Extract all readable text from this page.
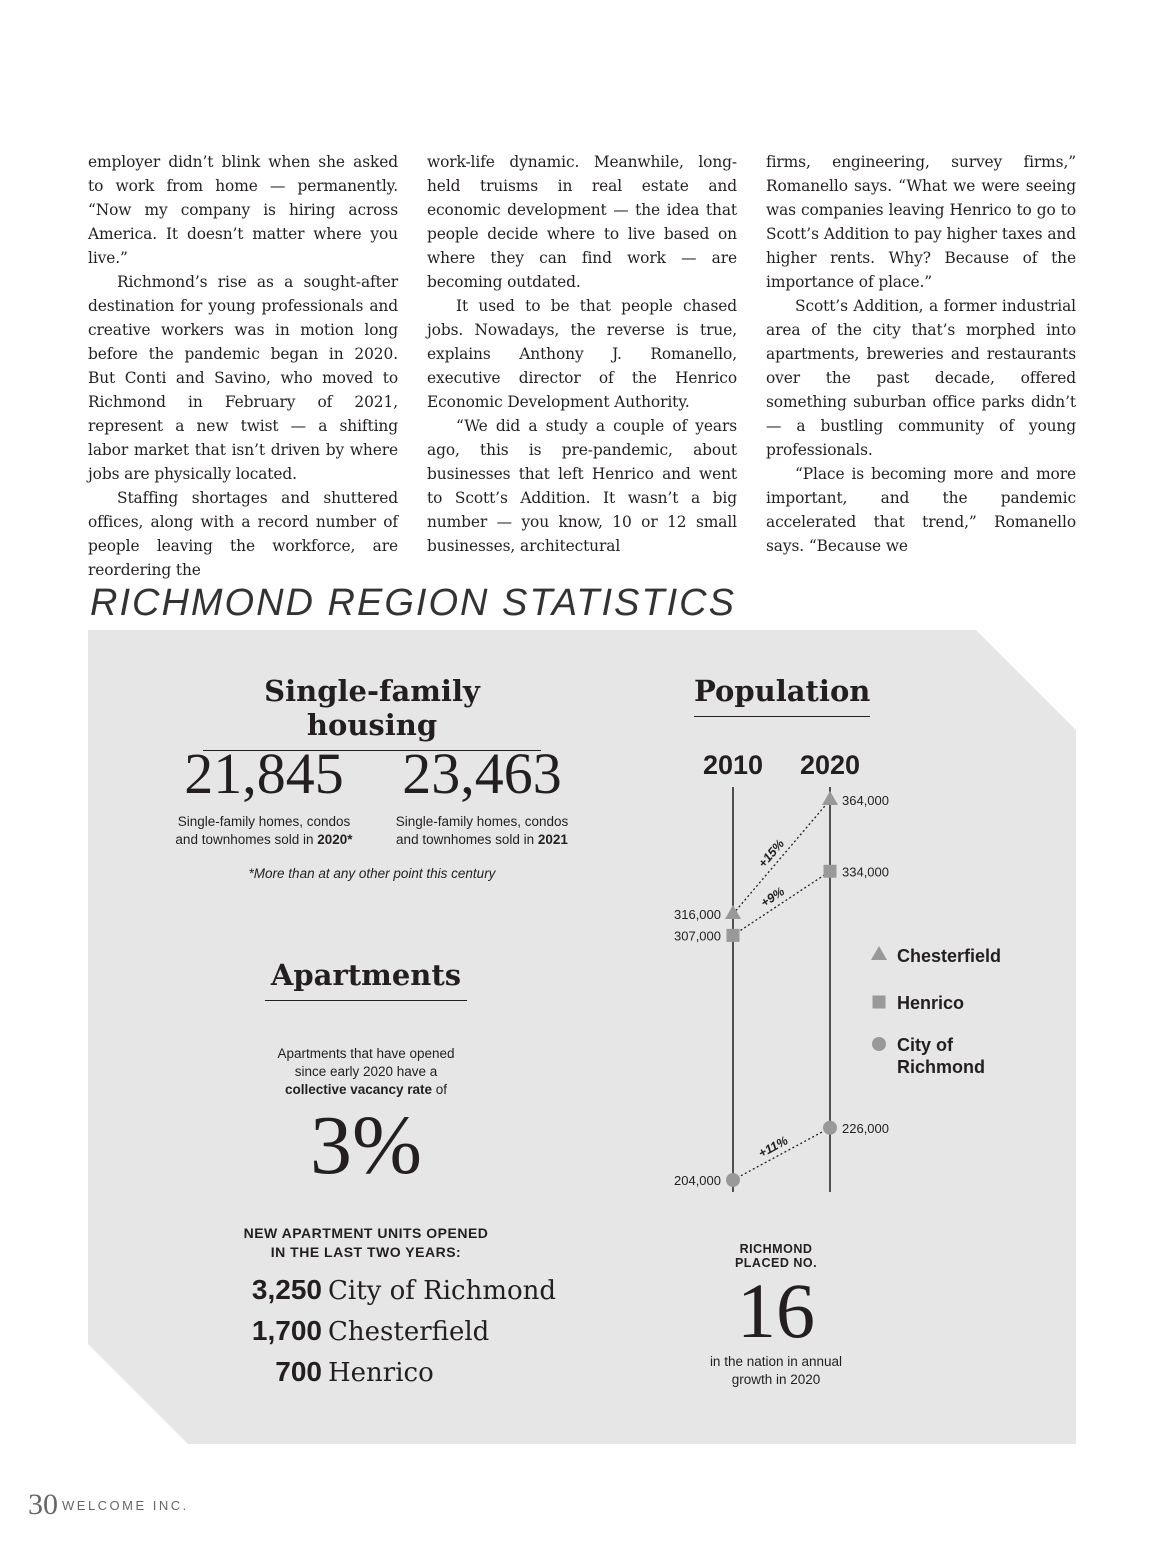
employer didn’t blink when she asked to work from home — permanently. “Now my company is hiring across America. It doesn’t matter where you live.”

Richmond’s rise as a sought-after destination for young professionals and creative workers was in motion long before the pandemic began in 2020. But Conti and Savino, who moved to Richmond in February of 2021, represent a new twist — a shifting labor market that isn’t driven by where jobs are physically located.

Staffing shortages and shuttered offices, along with a record number of people leaving the workforce, are reordering the

work-life dynamic. Meanwhile, long-held truisms in real estate and economic development — the idea that people decide where to live based on where they can find work — are becoming outdated.

It used to be that people chased jobs. Nowadays, the reverse is true, explains Anthony J. Romanello, executive director of the Henrico Economic Development Authority.

“We did a study a couple of years ago, this is pre-pandemic, about businesses that left Henrico and went to Scott’s Addition. It wasn’t a big number — you know, 10 or 12 small businesses, architectural

firms, engineering, survey firms,” Romanello says. “What we were seeing was companies leaving Henrico to go to Scott’s Addition to pay higher taxes and higher rents. Why? Because of the importance of place.”

Scott’s Addition, a former industrial area of the city that’s morphed into apartments, breweries and restaurants over the past decade, offered something suburban office parks didn’t — a bustling community of young professionals.

“Place is becoming more and more important, and the pandemic accelerated that trend,” Romanello says. “Because we

RICHMOND REGION STATISTICS
Single-family housing
21,845
Single-family homes, condos
and townhomes sold in 2020*
23,463
Single-family homes, condos
and townhomes sold in 2021
*More than at any other point this century
Apartments
Apartments that have opened
since early 2020 have a
collective vacancy rate of
3%
NEW APARTMENT UNITS OPENED
IN THE LAST TWO YEARS:
3,250 City of Richmond
1,700 Chesterfield
700 Henrico
Population
2010 2020
316,000
364,000
+15%
307,000
334,000
+9%
204,000
226,000
+11%
Chesterfield
Henrico
City of
Richmond
RICHMOND
PLACED NO.
16
in the nation in annual
growth in 2020
30 WELCOME INC.
